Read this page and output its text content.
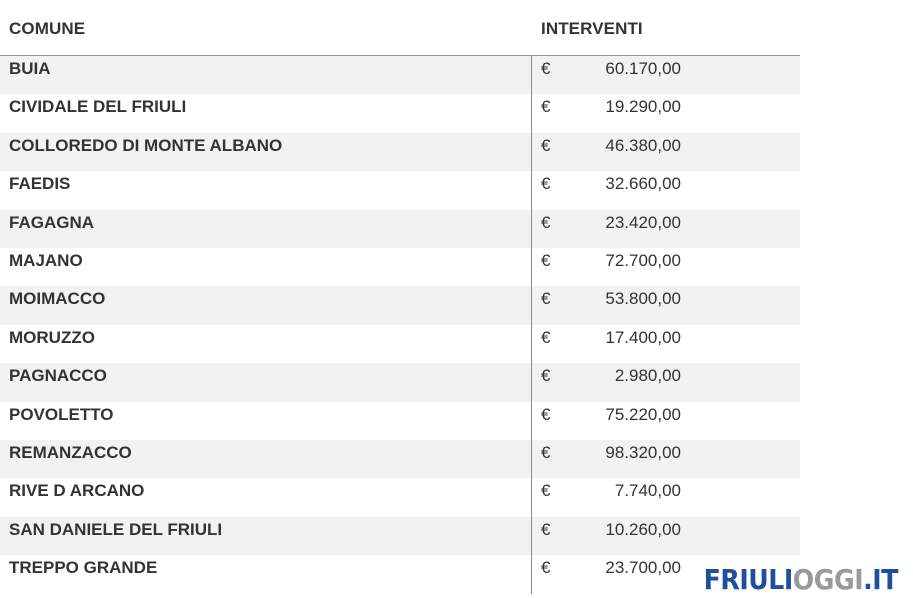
COMUNE	INTERVENTI
BUIA	€	60.170,00
CIVIDALE DEL FRIULI	€	19.290,00
COLLOREDO DI MONTE ALBANO	€	46.380,00
FAEDIS	€	32.660,00
FAGAGNA	€	23.420,00
MAJANO	€	72.700,00
MOIMACCO	€	53.800,00
MORUZZO	€	17.400,00
PAGNACCO	€	2.980,00
POVOLETTO	€	75.220,00
REMANZACCO	€	98.320,00
RIVE D ARCANO	€	7.740,00
SAN DANIELE DEL FRIULI	€	10.260,00
TREPPO GRANDE	€	23.700,00 FRIULIOGGI.IT
